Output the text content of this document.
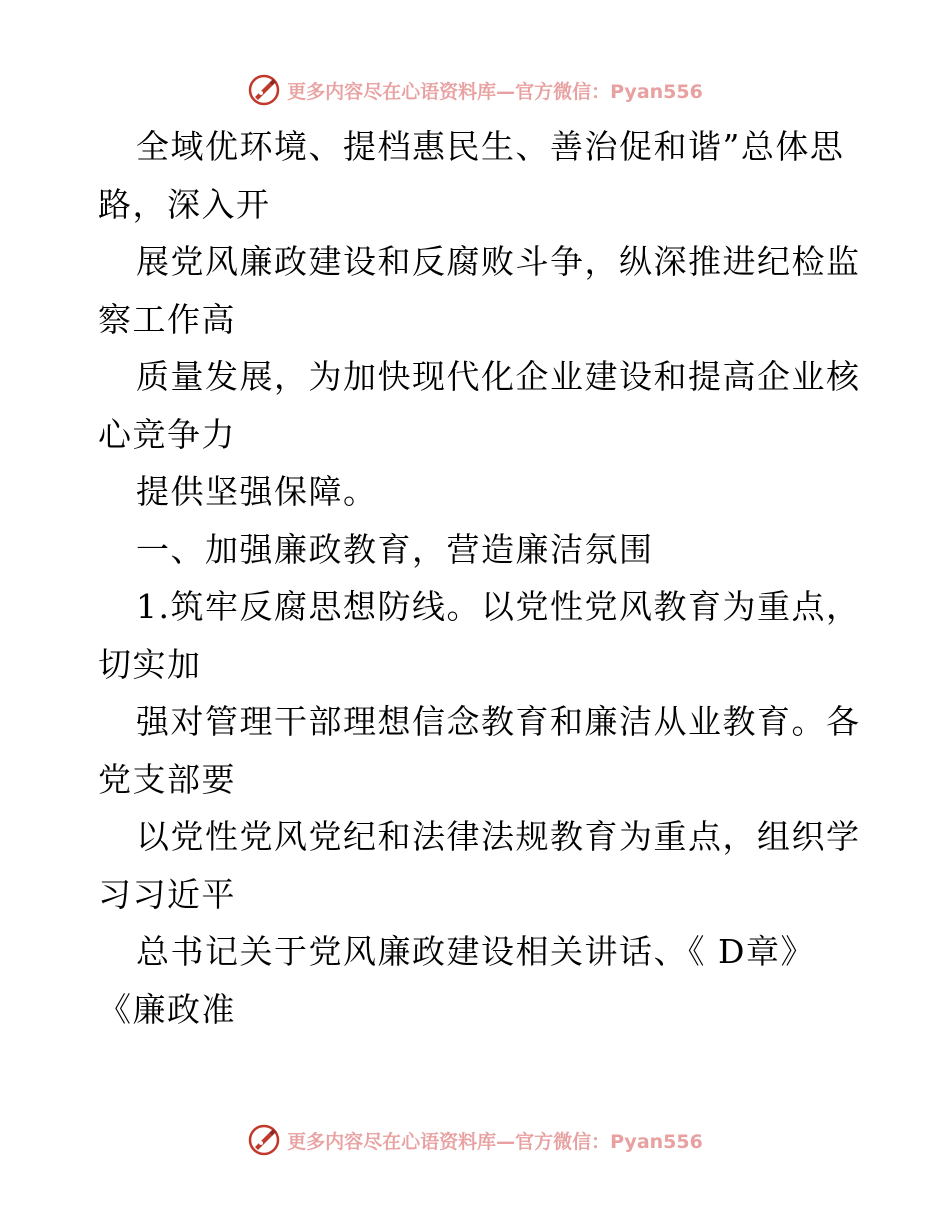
更多内容尽在心语资料库—官方微信：Pyan556
全域优环境、提档惠民生、善治促和谐”总体思
路，深入开
展党风廉政建设和反腐败斗争，纵深推进纪检监
察工作高
质量发展，为加快现代化企业建设和提高企业核
心竞争力
提供坚强保障。
一、加强廉政教育，营造廉洁氛围
1.筑牢反腐思想防线。以党性党风教育为重点，
切实加
强对管理干部理想信念教育和廉洁从业教育。各
党支部要
以党性党风党纪和法律法规教育为重点，组织学
习习近平
总书记关于党风廉政建设相关讲话、《 D章》
《廉政准
更多内容尽在心语资料库—官方微信：Pyan556
